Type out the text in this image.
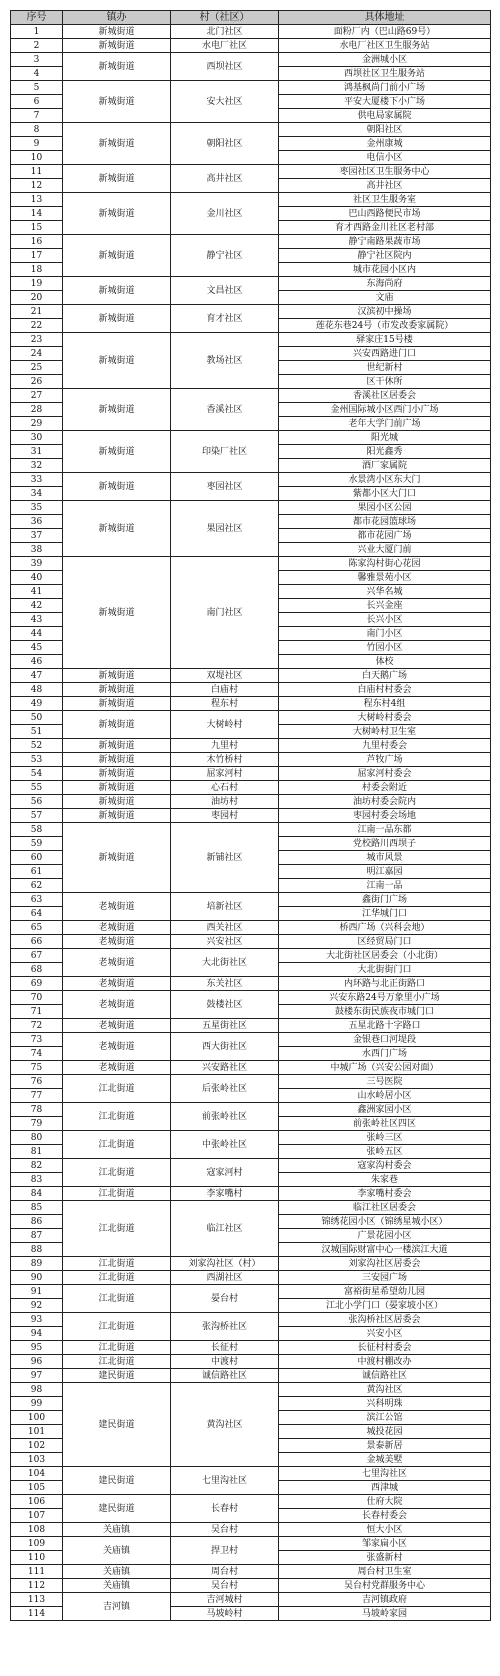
序号	镇办	村（社区）	具体地址
1	新城街道	北门社区	面粉厂内（巴山路69号）
2	新城街道	水电厂社区	水电厂社区卫生服务站
3	新城街道	西坝社区	金洲城小区
4			西坝社区卫生服务站
5	新城街道	安大社区	鸿基枫尚门前小广场
6			平安大厦楼下小广场
7			供电局家属院
8	新城街道	朝阳社区	朝阳社区
9			金州康城
10			电信小区
11	新城街道	高井社区	枣园社区卫生服务中心
12			高井社区
13	新城街道	金川社区	社区卫生服务室
14			巴山西路便民市场
15			育才西路金川社区老村部
16	新城街道	静宁社区	静宁南路果蔬市场
17			静宁社区院内
18			城市花园小区内
19	新城街道	文昌社区	东海尚府
20			文庙
21	新城街道	育才社区	汉滨初中操场
22			莲花东巷24号（市发改委家属院）
23	新城街道	教场社区	驿家庄15号楼
24			兴安西路进门口
25			世纪新村
26			区干休所
27	新城街道	香溪社区	香溪社区居委会
28			金州国际城小区西门小广场
29			老年大学门前广场
30	新城街道	印染厂社区	阳光城
31			阳光鑫秀
32			酒厂家属院
33	新城街道	枣园社区	水景湾小区东大门
34			紫都小区大门口
35	新城街道	果园社区	果园小区公园
36			都市花园篮球场
37			都市花园广场
38			兴业大厦门前
39	新城街道	南门社区	陈家沟村街心花园
40			馨雅景苑小区
41			兴华名城
42			长兴金座
43			长兴小区
44			南门小区
45			竹园小区
46			体校
47	新城街道	双堤社区	白天鹅广场
48	新城街道	白庙村	白庙村村委会
49	新城街道	程东村	程东村4组
50	新城街道	大树岭村	大树岭村委会
51			大树岭村卫生室
52	新城街道	九里村	九里村委会
53	新城街道	木竹桥村	芦牧广场
54	新城街道	屈家河村	屈家河村委会
55	新城街道	心石村	村委会附近
56	新城街道	油坊村	油坊村委会院内
57	新城街道	枣园村	枣园村委会场地
58	新城街道	新铺社区	江南一品东都
59			党校路川西坝子
60			城市风景
61			明江嘉园
62			江南一品
63	老城街道	培新社区	鑫街门广场
64			江华城门口
65	老城街道	西关社区	桥西广场（兴科会地）
66	老城街道	兴安社区	区经贸局门口
67	老城街道	大北街社区	大北街社区居委会（小北街）
68			大北街街门口
69	老城街道	东关社区	内环路与北正街路口
70	老城街道	鼓楼社区	兴安东路24号万象里小广场
71			鼓楼东街民族夜市城门口
72	老城街道	五星街社区	五星北路十字路口
73	老城街道	西大街社区	金银巷口河堤段
74			水西门广场
75	老城街道	兴安路社区	中城广场（兴安公园对面）
76	江北街道	后张岭社区	三号医院
77			山水岭居小区
78	江北街道	前张岭社区	鑫洲家园小区
79			前张岭社区四区
80	江北街道	中张岭社区	张岭三区
81			张岭五区
82	江北街道	寇家河村	寇家沟村委会
83			朱家巷
84	江北街道	李家嘴村	李家嘴村委会
85	江北街道	临江社区	临江社区居委会
86			锦绣花园小区（锦绣星城小区）
87			广景花园小区
88			汉城国际财富中心一楼滨江大道
89	江北街道	刘家沟社区（村）	刘家沟社区居委会
90	江北街道	西湖社区	三安园广场
91	江北街道	晏台村	富裕街星希望幼儿园
92			江北小学门口（晏家坡小区）
93	江北街道	张沟桥社区	张沟桥社区居委会
94			兴安小区
95	江北街道	长征村	长征村村委会
96	江北街道	中渡村	中渡村棚改办
97	建民街道	诚信路社区	诚信路社区
98	建民街道	黄沟社区	黄沟社区
99			兴科明珠
100			滨江公馆
101			城投花园
102			景泰新居
103			金城美墅
104	建民街道	七里沟社区	七里沟社区
105			西津城
106	建民街道	长春村	仕府大院
107			长春村委会
108	关庙镇	吴台村	恒大小区
109	关庙镇	捍卫村	邹家扁小区
110			张盛新村
111	关庙镇	周台村	周台村卫生室
112	关庙镇	吴台村	吴台村党群服务中心
113	吉河镇	吉河城村	吉河镇政府
114		马坡岭村	马坡岭家园
